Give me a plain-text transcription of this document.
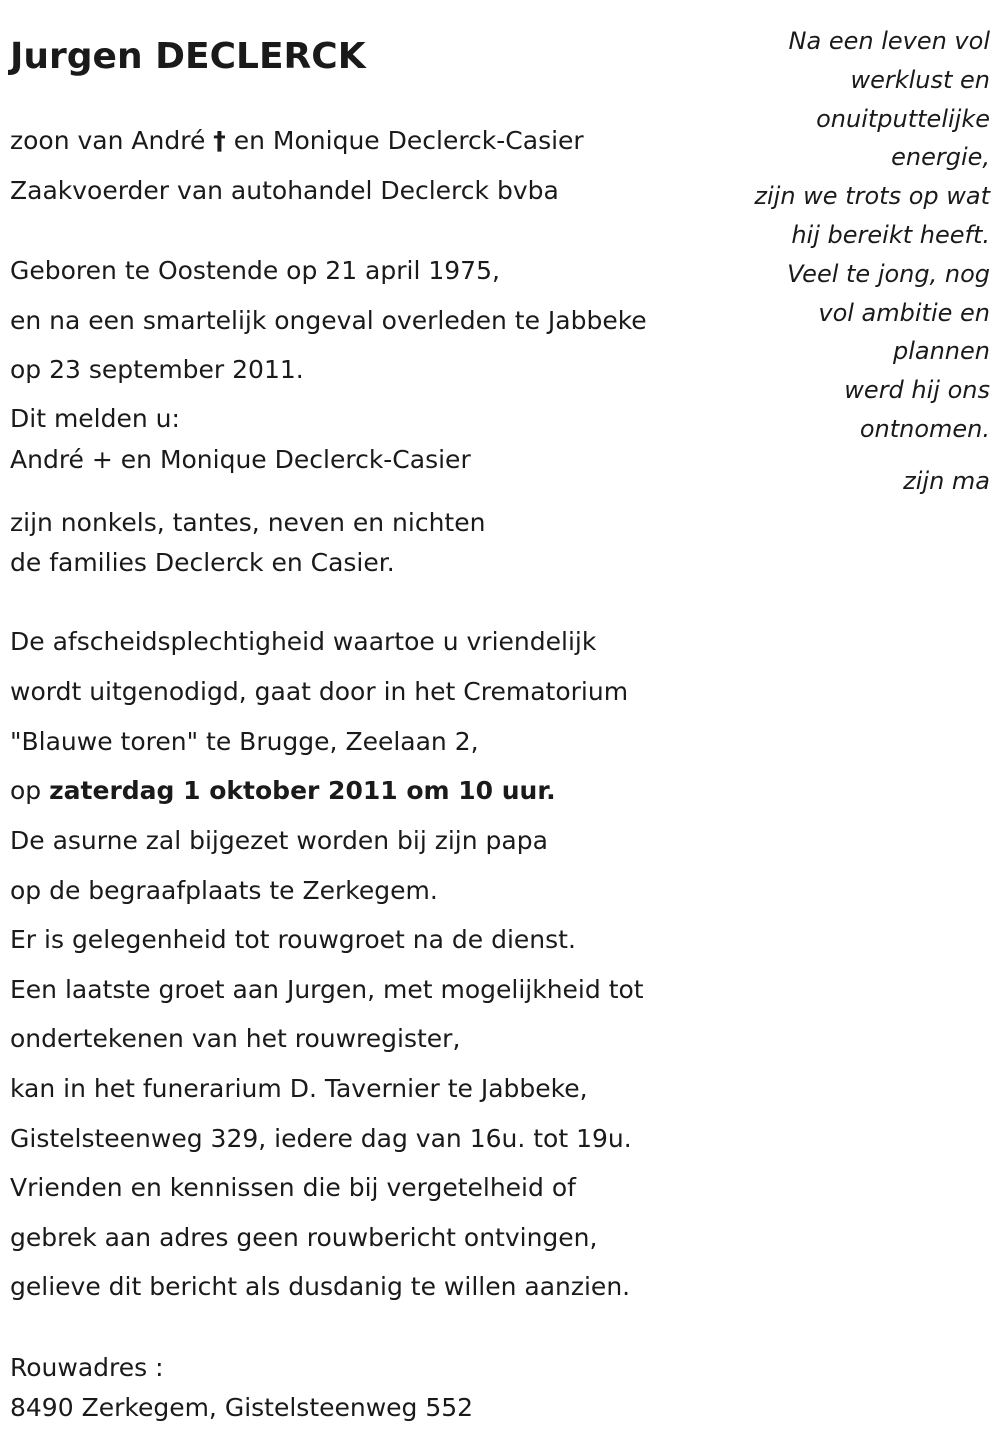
Jurgen DECLERCK

zoon van André † en Monique Declerck-Casier

Zaakvoerder van autohandel Declerck bvba

Geboren te Oostende op 21 april 1975,

en na een smartelijk ongeval overleden te Jabbeke

op 23 september 2011.

Dit melden u:

André + en Monique Declerck-Casier

zijn nonkels, tantes, neven en nichten

de families Declerck en Casier.

De afscheidsplechtigheid waartoe u vriendelijk

wordt uitgenodigd, gaat door in het Crematorium

"Blauwe toren" te Brugge, Zeelaan 2,

op zaterdag 1 oktober 2011 om 10 uur.

De asurne zal bijgezet worden bij zijn papa

op de begraafplaats te Zerkegem.

Er is gelegenheid tot rouwgroet na de dienst.

Een laatste groet aan Jurgen, met mogelijkheid tot

ondertekenen van het rouwregister,

kan in het funerarium D. Tavernier te Jabbeke,

Gistelsteenweg 329, iedere dag van 16u. tot 19u.

Vrienden en kennissen die bij vergetelheid of

gebrek aan adres geen rouwbericht ontvingen,

gelieve dit bericht als dusdanig te willen aanzien.

Rouwadres :

8490 Zerkegem, Gistelsteenweg 552

Na een leven vol

werklust en

onuitputtelijke

energie,

zijn we trots op wat

hij bereikt heeft.

Veel te jong, nog

vol ambitie en

plannen

werd hij ons

ontnomen.

zijn ma
